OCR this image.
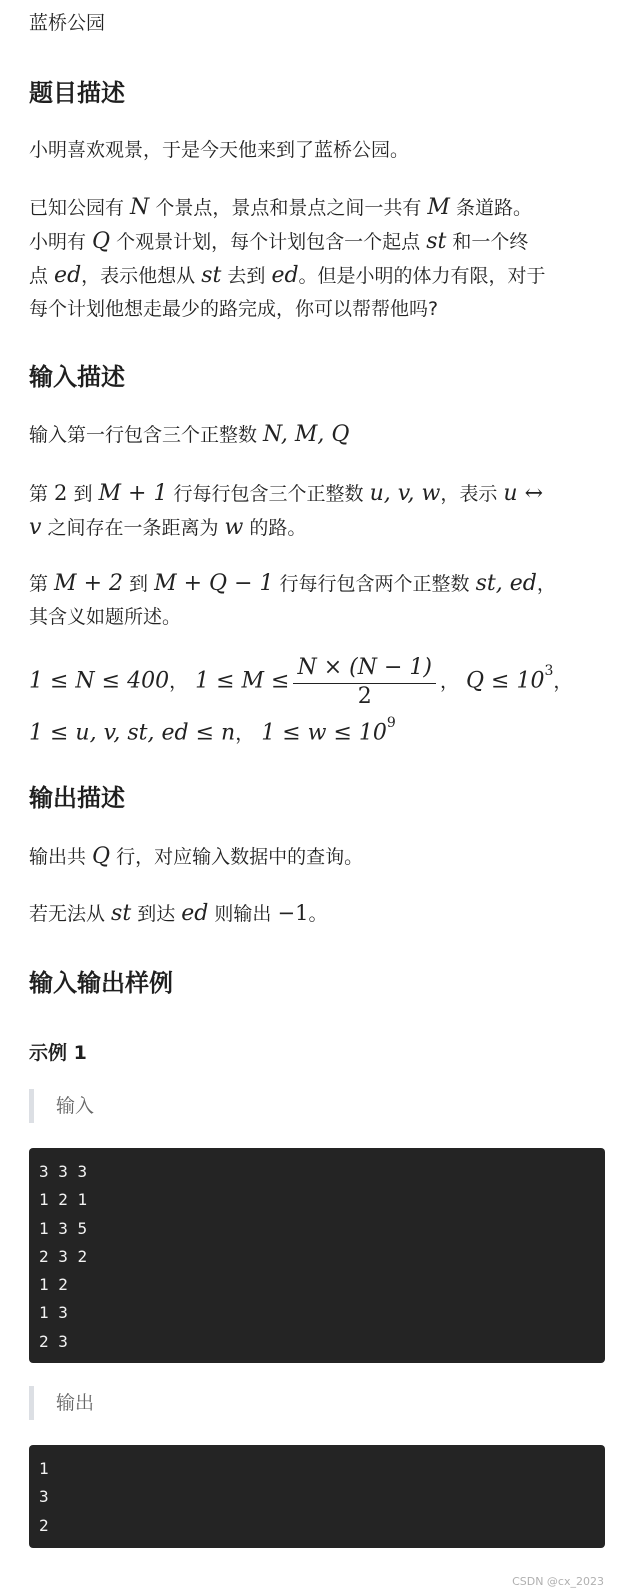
蓝桥公园
题目描述
小明喜欢观景，于是今天他来到了蓝桥公园。
已知公园有 N 个景点，景点和景点之间一共有 M 条道路。
小明有 Q 个观景计划，每个计划包含一个起点 st 和一个终
点 ed，表示他想从 st 去到 ed。但是小明的体力有限，对于
每个计划他想走最少的路完成，你可以帮帮他吗?
输入描述
输入第一行包含三个正整数 N, M, Q
第 2 到 M + 1 行每行包含三个正整数 u, v, w，表示 u ↔
v 之间存在一条距离为 w 的路。
第 M + 2 到 M + Q − 1 行每行包含两个正整数 st, ed，
其含义如题所述。
1 ≤ N ≤ 400， $1 \le M \le \frac{N \times (N - 1)}{2}$ ， $Q \le 10^3$，
1 ≤ u, v, st, ed ≤ n， $1 \le w \le 10^9$
输出描述
输出共 Q 行，对应输入数据中的查询。
若无法从 st 到达 ed 则输出 −1。
输入输出样例
示例 1
输入
3 3 3
1 2 1
1 3 5
2 3 2
1 2
1 3
2 3
输出
1
3
2
CSDN @cx_2023
